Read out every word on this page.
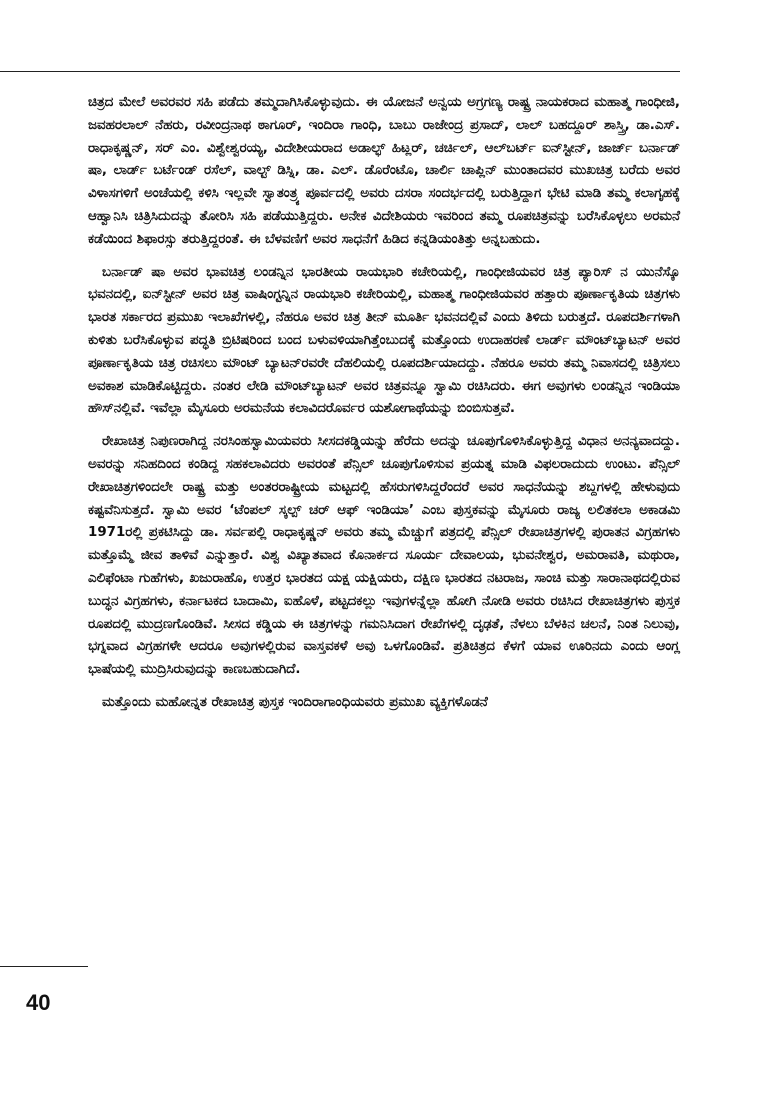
ಚಿತ್ರದ ಮೇಲೆ ಅವರವರ ಸಹಿ ಪಡೆದು ತಮ್ಮದಾಗಿಸಿಕೊಳ್ಳುವುದು. ಈ ಯೋಜನೆ ಅನ್ವಯ ಅಗ್ರಗಣ್ಯ ರಾಷ್ಟ್ರ ನಾಯಕರಾದ ಮಹಾತ್ಮ ಗಾಂಧೀಜಿ, ಜವಹರಲಾಲ್ ನೆಹರು, ರವೀಂದ್ರನಾಥ ಠಾಗೂರ್, ಇಂದಿರಾ ಗಾಂಧಿ, ಬಾಬು ರಾಜೇಂದ್ರ ಪ್ರಸಾದ್, ಲಾಲ್ ಬಹದ್ದೂರ್ ಶಾಸ್ತ್ರಿ, ಡಾ.ಎಸ್. ರಾಧಾಕೃಷ್ಣನ್, ಸರ್ ಎಂ. ವಿಶ್ವೇಶ್ವರಯ್ಯ, ವಿದೇಶೀಯರಾದ ಅಡಾಲ್ಫ್ ಹಿಟ್ಲರ್, ಚರ್ಚಿಲ್, ಆಲ್‌ಬರ್ಟ್ ಐನ್‌ಸ್ಟೀನ್, ಜಾರ್ಜ್ ಬರ್ನಾಡ್ ಷಾ, ಲಾರ್ಡ್ ಬರ್ಟೆಂಡ್ ರಸೆಲ್, ವಾಲ್ಟ್ ಡಿಸ್ನಿ, ಡಾ. ಎಲ್. ಡೊರೆಂಟೊ, ಚಾರ್ಲಿ ಚಾಪ್ಲಿನ್ ಮುಂತಾದವರ ಮುಖಚಿತ್ರ ಬರೆದು ಅವರ ವಿಳಾಸಗಳಿಗೆ ಅಂಚೆಯಲ್ಲಿ ಕಳಿಸಿ ಇಲ್ಲವೇ ಸ್ವಾತಂತ್ರ್ಯ ಪೂರ್ವದಲ್ಲಿ ಅವರು ದಸರಾ ಸಂದರ್ಭದಲ್ಲಿ ಬರುತ್ತಿದ್ದಾಗ ಭೇಟಿ ಮಾಡಿ ತಮ್ಮ ಕಲಾಗೃಹಕ್ಕೆ ಆಹ್ವಾನಿಸಿ ಚಿತ್ರಿಸಿದುದನ್ನು ತೋರಿಸಿ ಸಹಿ ಪಡೆಯುತ್ತಿದ್ದರು. ಅನೇಕ ವಿದೇಶಿಯರು ಇವರಿಂದ ತಮ್ಮ ರೂಪಚಿತ್ರವನ್ನು ಬರೆಸಿಕೊಳ್ಳಲು ಅರಮನೆ ಕಡೆಯಿಂದ ಶಿಫಾರಸ್ಸು ತರುತ್ತಿದ್ದರಂತೆ. ಈ ಬೆಳವಣಿಗೆ ಅವರ ಸಾಧನೆಗೆ ಹಿಡಿದ ಕನ್ನಡಿಯಂತಿತ್ತು ಅನ್ನಬಹುದು.

ಬರ್ನಾಡ್ ಷಾ ಅವರ ಭಾವಚಿತ್ರ ಲಂಡನ್ನಿನ ಭಾರತೀಯ ರಾಯಭಾರಿ ಕಚೇರಿಯಲ್ಲಿ, ಗಾಂಧೀಜಿಯವರ ಚಿತ್ರ ಪ್ಯಾರಿಸ್ ನ ಯುನೆಸ್ಕೊ ಭವನದಲ್ಲಿ, ಐನ್‌ಸ್ಟೀನ್ ಅವರ ಚಿತ್ರ ವಾಷಿಂಗ್ಟನ್ನಿನ ರಾಯಭಾರಿ ಕಚೇರಿಯಲ್ಲಿ, ಮಹಾತ್ಮ ಗಾಂಧೀಜಿಯವರ ಹತ್ತಾರು ಪೂರ್ಣಾಕೃತಿಯ ಚಿತ್ರಗಳು ಭಾರತ ಸರ್ಕಾರದ ಪ್ರಮುಖ ಇಲಾಖೆಗಳಲ್ಲಿ, ನೆಹರೂ ಅವರ ಚಿತ್ರ ತೀನ್ ಮೂರ್ತಿ ಭವನದಲ್ಲಿವೆ ಎಂದು ತಿಳಿದು ಬರುತ್ತದೆ. ರೂಪದರ್ಶಿಗಳಾಗಿ ಕುಳಿತು ಬರೆಸಿಕೊಳ್ಳುವ ಪದ್ಧತಿ ಬ್ರಿಟಿಷರಿಂದ ಬಂದ ಬಳುವಳಿಯಾಗಿತ್ತೆಂಬುದಕ್ಕೆ ಮತ್ತೊಂದು ಉದಾಹರಣೆ ಲಾರ್ಡ್ ಮೌಂಟ್‌ಬ್ಯಾಟನ್ ಅವರ ಪೂರ್ಣಾಕೃತಿಯ ಚಿತ್ರ ರಚಿಸಲು ಮೌಂಟ್ ಬ್ಯಾಟನ್‌ರವರೇ ದೆಹಲಿಯಲ್ಲಿ ರೂಪದರ್ಶಿಯಾದದ್ದು. ನೆಹರೂ ಅವರು ತಮ್ಮ ನಿವಾಸದಲ್ಲಿ ಚಿತ್ರಿಸಲು ಅವಕಾಶ ಮಾಡಿಕೊಟ್ಟಿದ್ದರು. ನಂತರ ಲೇಡಿ ಮೌಂಟ್‌ಬ್ಯಾಟನ್ ಅವರ ಚಿತ್ರವನ್ನೂ ಸ್ವಾಮಿ ರಚಿಸಿದರು. ಈಗ ಅವುಗಳು ಲಂಡನ್ನಿನ ಇಂಡಿಯಾ ಹೌಸ್‌ನಲ್ಲಿವೆ. ಇವೆಲ್ಲಾ ಮೈಸೂರು ಅರಮನೆಯ ಕಲಾವಿದರೊರ್ವರ ಯಶೋಗಾಥೆಯನ್ನು ಬಿಂಬಿಸುತ್ತವೆ.

ರೇಖಾಚಿತ್ರ ನಿಪುಣರಾಗಿದ್ದ ನರಸಿಂಹಸ್ವಾಮಿಯವರು ಸೀಸದಕಡ್ಡಿಯನ್ನು ಹೆರೆದು ಅದನ್ನು ಚೂಪುಗೊಳಿಸಿಕೊಳ್ಳುತ್ತಿದ್ದ ವಿಧಾನ ಅನನ್ಯವಾದದ್ದು. ಅವರನ್ನು ಸನಿಹದಿಂದ ಕಂಡಿದ್ದ ಸಹಕಲಾವಿದರು ಅವರಂತೆ ಪೆನ್ಸಿಲ್ ಚೂಪುಗೊಳಿಸುವ ಪ್ರಯತ್ನ ಮಾಡಿ ವಿಫಲರಾದುದು ಉಂಟು. ಪೆನ್ಸಿಲ್ ರೇಖಾಚಿತ್ರಗಳಿಂದಲೇ ರಾಷ್ಟ್ರ ಮತ್ತು ಅಂತರರಾಷ್ಟ್ರೀಯ ಮಟ್ಟದಲ್ಲಿ ಹೆಸರುಗಳಿಸಿದ್ದರೆಂದರೆ ಅವರ ಸಾಧನೆಯನ್ನು ಶಬ್ದಗಳಲ್ಲಿ ಹೇಳುವುದು ಕಷ್ಟವೆನಿಸುತ್ತದೆ. ಸ್ವಾಮಿ ಅವರ ‘ಟೆಂಪಲ್ ಸ್ಕಲ್ಪ್ ಚರ್ ಆಫ್ ಇಂಡಿಯಾ’ ಎಂಬ ಪುಸ್ತಕವನ್ನು ಮೈಸೂರು ರಾಜ್ಯ ಲಲಿತಕಲಾ ಅಕಾಡಮಿ 1971ರಲ್ಲಿ ಪ್ರಕಟಿಸಿದ್ದು ಡಾ. ಸರ್ವಪಲ್ಲಿ ರಾಧಾಕೃಷ್ಣನ್ ಅವರು ತಮ್ಮ ಮೆಚ್ಚುಗೆ ಪತ್ರದಲ್ಲಿ ಪೆನ್ಸಿಲ್ ರೇಖಾಚಿತ್ರಗಳಲ್ಲಿ ಪುರಾತನ ವಿಗ್ರಹಗಳು ಮತ್ತೊಮ್ಮೆ ಜೀವ ತಾಳಿವೆ ಎನ್ನುತ್ತಾರೆ. ವಿಶ್ವ ವಿಖ್ಯಾತವಾದ ಕೊನಾರ್ಕದ ಸೂರ್ಯ ದೇವಾಲಯ, ಭುವನೇಶ್ವರ, ಅಮರಾವತಿ, ಮಥುರಾ, ಎಲಿಫೆಂಟಾ ಗುಹೆಗಳು, ಖಜುರಾಹೊ, ಉತ್ತರ ಭಾರತದ ಯಕ್ಷ ಯಕ್ಷಿಯರು, ದಕ್ಷಿಣ ಭಾರತದ ನಟರಾಜ, ಸಾಂಚಿ ಮತ್ತು ಸಾರಾನಾಥದಲ್ಲಿರುವ ಬುದ್ಧನ ವಿಗ್ರಹಗಳು, ಕರ್ನಾಟಕದ ಬಾದಾಮಿ, ಐಹೊಳೆ, ಪಟ್ಟದಕಲ್ಲು ಇವುಗಳನ್ನೆಲ್ಲಾ ಹೋಗಿ ನೋಡಿ ಅವರು ರಚಿಸಿದ ರೇಖಾಚಿತ್ರಗಳು ಪುಸ್ತಕ ರೂಪದಲ್ಲಿ ಮುದ್ರಣಗೊಂಡಿವೆ. ಸೀಸದ ಕಡ್ಡಿಯ ಈ ಚಿತ್ರಗಳನ್ನು ಗಮನಿಸಿದಾಗ ರೇಖೆಗಳಲ್ಲಿ ದೃಢತೆ, ನೆಳಲು ಬೆಳಕಿನ ಚಲನೆ, ನಿಂತ ನಿಲುವು, ಭಗ್ನವಾದ ವಿಗ್ರಹಗಳೇ ಆದರೂ ಅವುಗಳಲ್ಲಿರುವ ವಾಸ್ತವಕಳೆ ಅವು ಒಳಗೊಂಡಿವೆ. ಪ್ರತಿಚಿತ್ರದ ಕೆಳಗೆ ಯಾವ ಊರಿನದು ಎಂದು ಆಂಗ್ಲ ಭಾಷೆಯಲ್ಲಿ ಮುದ್ರಿಸಿರುವುದನ್ನು ಕಾಣಬಹುದಾಗಿದೆ.

ಮತ್ತೊಂದು ಮಹೋನ್ನತ ರೇಖಾಚಿತ್ರ ಪುಸ್ತಕ ಇಂದಿರಾಗಾಂಧಿಯವರು ಪ್ರಮುಖ ವ್ಯಕ್ತಿಗಳೊಡನೆ

40
